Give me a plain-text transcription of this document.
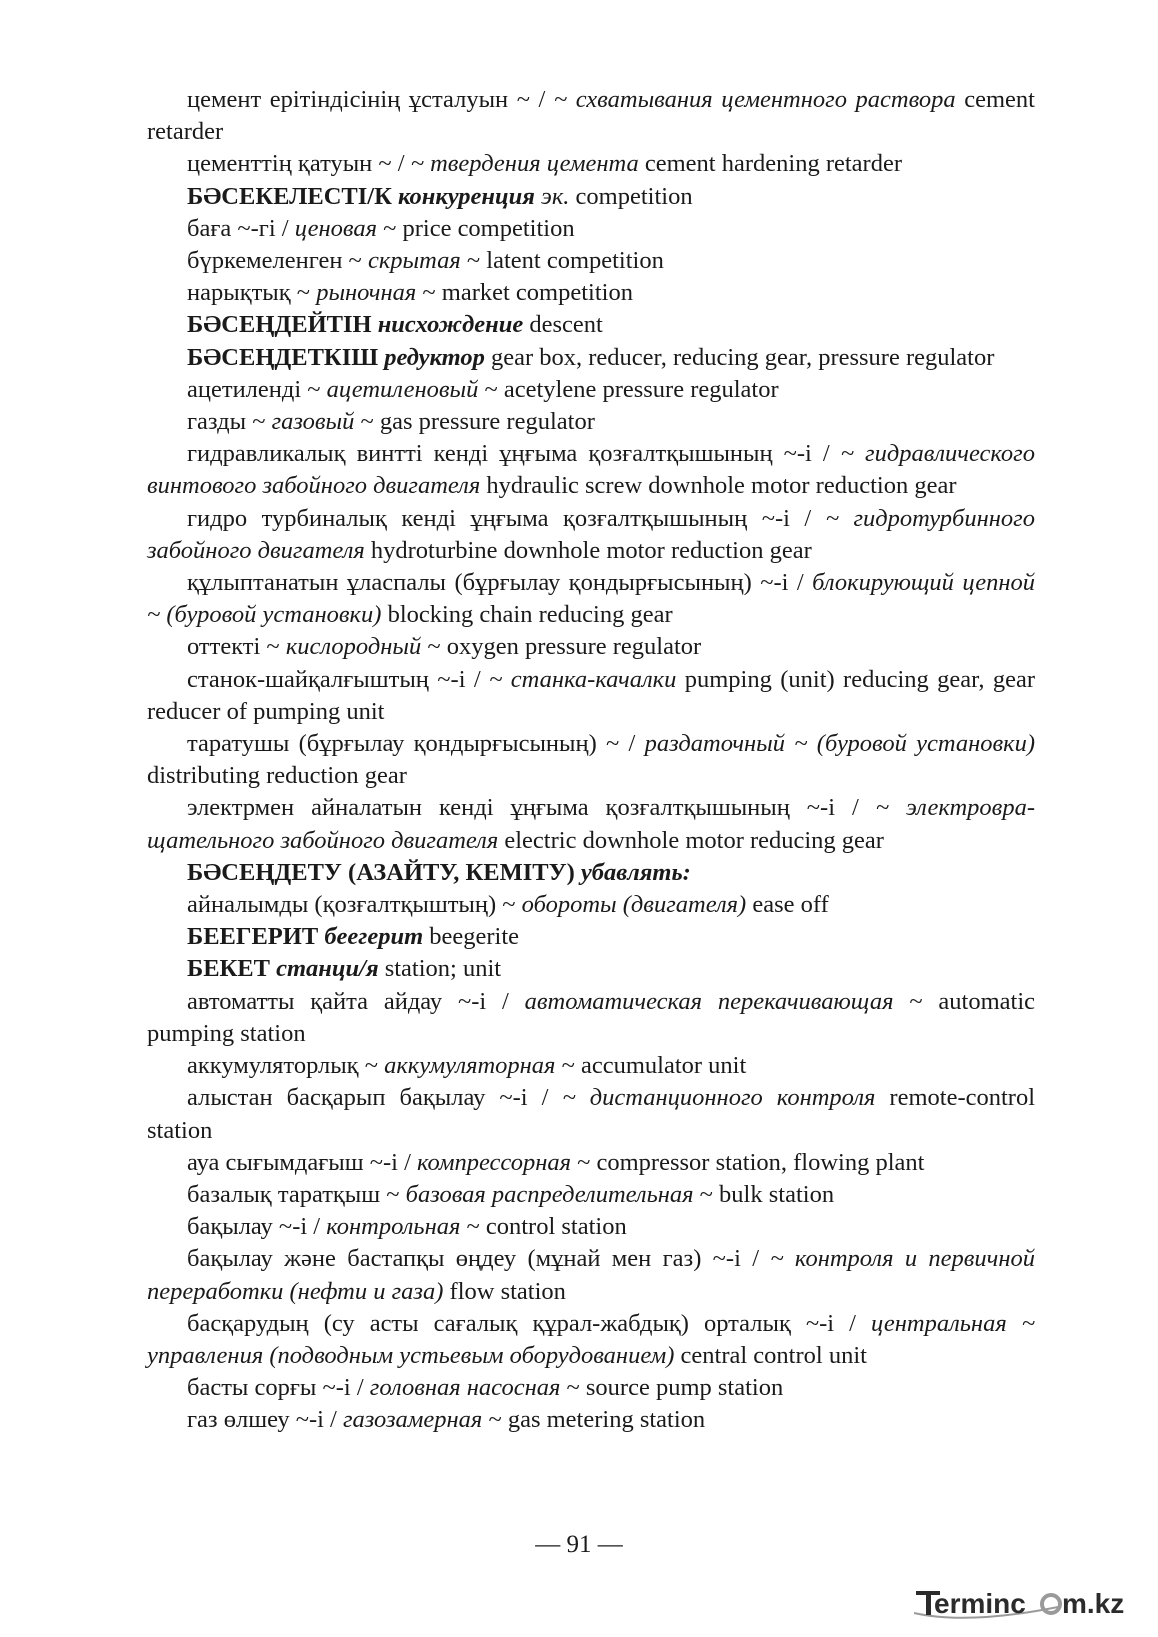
цемент ерітіндісінің ұсталуын ~ / ~ схватывания цементного раствора cement retarder

цементтің қатуын ~ / ~ твердения цемента cement hardening retarder

БӘСЕКЕЛЕСТІ/К конкуренция эк. competition

баға ~-гі / ценовая ~ price competition

бүркемеленген ~ скрытая ~ latent competition

нарықтық ~ рыночная ~ market competition

БӘСЕҢДЕЙТІН нисхождение descent

БӘСЕҢДЕТКІШ редуктор gear box, reducer, reducing gear, pressure regulator

ацетиленді ~ ацетиленовый ~ acetylene pressure regulator

газды ~ газовый ~ gas pressure regulator

гидравликалық винтті кенді ұңғыма қозғалтқышының ~-і / ~ гидравлического винтового забойного двигателя hydraulic screw downhole motor reduction gear

гидро турбиналық кенді ұңғыма қозғалтқышының ~-і / ~ гидротурбинного забойного двигателя hydroturbine downhole motor reduction gear

құлыптанатын ұласпалы (бұрғылау қондырғысының) ~-і / блокирующий цепной ~ (буровой установки) blocking chain reducing gear

оттекті ~ кислородный ~ oxygen pressure regulator

станок-шайқалғыштың ~-і / ~ станка-качалки pumping (unit) reducing gear, gear reducer of pumping unit

таратушы (бұрғылау қондырғысының) ~ / раздаточный ~ (буровой установки) distributing reduction gear

электрмен айналатын кенді ұңғыма қозғалтқышының ~-і / ~ электровращательного забойного двигателя electric downhole motor reducing gear

БӘСЕҢДЕТУ (АЗАЙТУ, КЕМІТУ) убавлять:

айналымды (қозғалтқыштың) ~ обороты (двигателя) ease off

БЕЕГЕРИТ беегерит beegerite

БЕКЕТ станци/я station; unit

автоматты қайта айдау ~-і / автоматическая перекачивающая ~ automatic pumping station

аккумуляторлық ~ аккумуляторная ~ accumulator unit

алыстан басқарып бақылау ~-і / ~ дистанционного контроля remote-control station

ауа сығымдағыш ~-і / компрессорная ~ compressor station, flowing plant

базалық таратқыш ~ базовая распределительная ~ bulk station

бақылау ~-і / контрольная ~ control station

бақылау және бастапқы өңдеу (мұнай мен газ) ~-і / ~ контроля и первичной переработки (нефти и газа) flow station

басқарудың (су асты сағалық құрал-жабдық) орталық ~-і / центральная ~ управления (подводным устьевым оборудованием) central control unit

басты сорғы ~-і / головная насосная ~ source pump station

газ өлшеу ~-і / газозамерная ~ gas metering station

— 91 —
erminc m.kz
